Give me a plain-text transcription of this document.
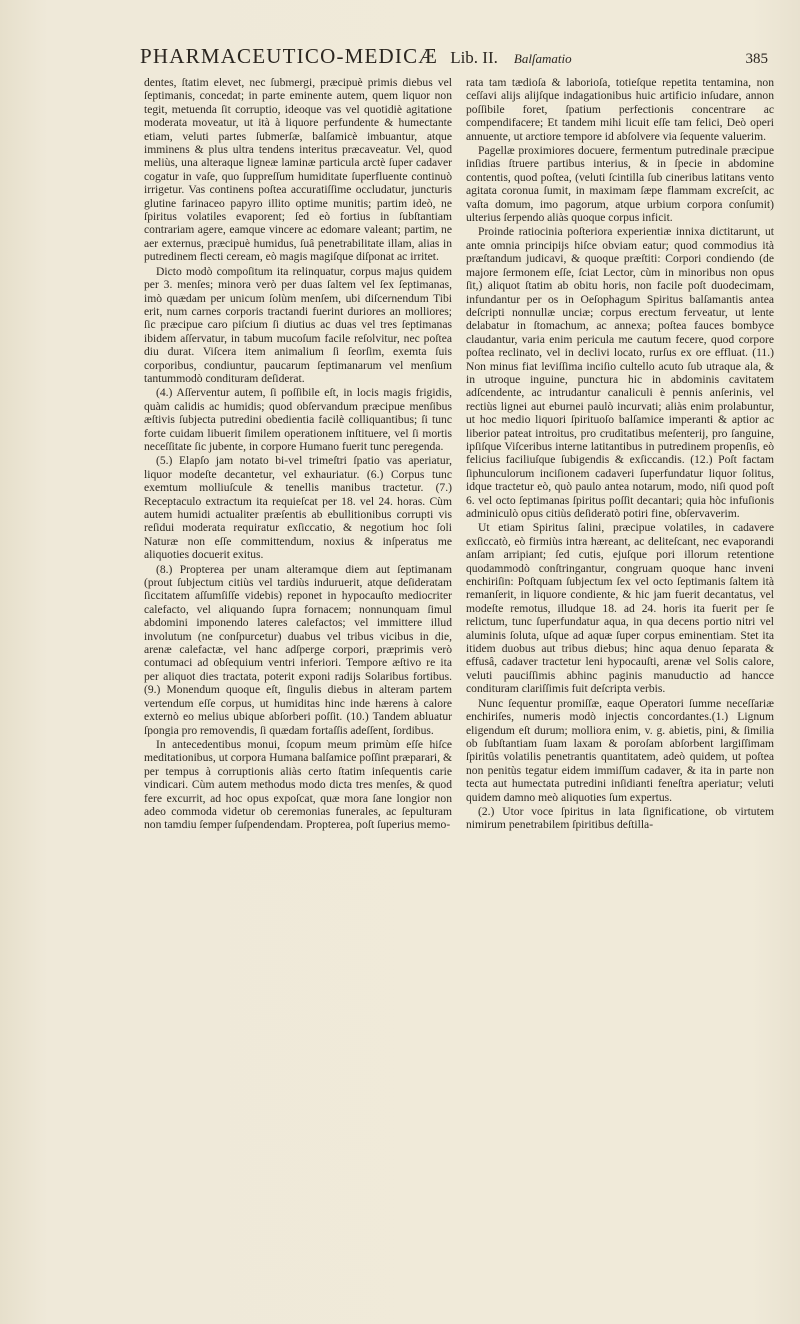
PHARMACEUTICO-MEDICÆ Lib. II. Balſamatio	385

dentes, ſtatim elevet, nec ſubmergi, præcipuè primis diebus vel ſeptimanis, concedat; in parte eminente autem, quem liquor non tegit, metuenda ſit corruptio, ideoque vas vel quotidiè agitatione moderata moveatur, ut ità à liquore perfundente & humectante etiam, veluti partes ſubmerſæ, balſamicè imbuantur, atque imminens & plus ultra tendens interitus præcaveatur. Vel, quod meliùs, una alteraque ligneæ laminæ particula arctè ſuper cadaver cogatur in vaſe, quo ſuppreſſum humiditate ſuperfluente continuò irrigetur. Vas continens poſtea accuratiſſime occludatur, juncturis glutine farinaceo papyro illito optime munitis; partim ideò, ne ſpiritus volatiles evaporent; ſed eò fortius in ſubſtantiam contrariam agere, eamque vincere ac edomare valeant; partim, ne aer externus, præcipuè humidus, ſuâ penetrabilitate illam, alias in putredinem flecti ceream, eò magis magiſque diſponat ac irritet.

Dicto modò compoſitum ita relinquatur, corpus majus quidem per 3. menſes; minora verò per duas ſaltem vel ſex ſeptimanas, imò quædam per unicum ſolùm menſem, ubi diſcernendum Tibi erit, num carnes corporis tractandi fuerint duriores an molliores; ſic præcipue caro piſcium ſi diutius ac duas vel tres ſeptimanas ibidem aſſervatur, in tabum mucoſum facile reſolvitur, nec poſtea diu durat. Viſcera item animalium ſi ſeorſim, exemta ſuis corporibus, condiuntur, paucarum ſeptimanarum vel menſium tantummodò condituram deſiderat.

(4.) Aſſerventur autem, ſi poſſibile eſt, in locis magis frigidis, quàm calidis ac humidis; quod obſervandum præcipue menſibus æſtivis ſubjecta putredini obedientia facilè colliquantibus; ſi tunc forte cuidam libuerit ſimilem operationem inſtituere, vel ſi mortis neceſſitate ſic jubente, in corpore Humano fuerit tunc peregenda.

(5.) Elapſo jam notato bi-vel trimeſtri ſpatio vas aperiatur, liquor modeſte decantetur, vel exhauriatur. (6.) Corpus tunc exemtum molliuſcule & tenellis manibus tractetur. (7.) Receptaculo extractum ita requieſcat per 18. vel 24. horas. Cùm autem humidi actualiter præſentis ab ebullitionibus corrupti vis reſidui moderata requiratur exſiccatio, & negotium hoc ſoli Naturæ non eſſe committendum, noxius & inſperatus me aliquoties docuerit exitus.

(8.) Propterea per unam alteramque diem aut ſeptimanam (prout ſubjectum citiùs vel tardiùs induruerit, atque deſideratam ſiccitatem aſſumſiſſe videbis) reponet in hypocauſto mediocriter calefacto, vel aliquando ſupra fornacem; nonnunquam ſimul abdomini imponendo lateres calefactos; vel immittere illud involutum (ne conſpurcetur) duabus vel tribus vicibus in die, arenæ calefactæ, vel hanc adſperge corpori, præprimis verò contumaci ad obſequium ventri inferiori. Tempore æſtivo re ita per aliquot dies tractata, poterit exponi radijs Solaribus fortibus. (9.) Monendum quoque eſt, ſingulis diebus in alteram partem vertendum eſſe corpus, ut humiditas hinc inde hærens à calore externò eo melius ubique abſorberi poſſit. (10.) Tandem abluatur ſpongia pro removendis, ſi quædam fortaſſis adeſſent, ſordibus.

In antecedentibus monui, ſcopum meum primùm eſſe hiſce meditationibus, ut corpora Humana balſamice poſſint præparari, & per tempus à corruptionis aliàs certo ſtatim inſequentis carie vindicari. Cùm autem methodus modo dicta tres menſes, & quod fere excurrit, ad hoc opus expoſcat, quæ mora ſane longior non adeo commoda videtur ob ceremonias funerales, ac ſepulturam non tamdiu ſemper ſuſpendendam. Propterea, poſt ſuperius memo-

rata tam tædioſa & laborioſa, totieſque repetita tentamina, non ceſſavi alijs alijſque indagationibus huic artificio inſudare, annon poſſibile foret, ſpatium perfectionis concentrare ac compendifacere; Et tandem mihi licuit eſſe tam felici, Deò operi annuente, ut arctiore tempore id abſolvere via ſequente valuerim.

Pagellæ proximiores docuere, fermentum putredinale præcipue inſidias ſtruere partibus interius, & in ſpecie in abdomine contentis, quod poſtea, (veluti ſcintilla ſub cineribus latitans vento agitata coronua ſumit, in maximam ſæpe flammam excreſcit, ac vaſta domum, imo pagorum, atque urbium corpora conſumit) ulterius ſerpendo aliàs quoque corpus inficit.

Proinde ratiocinia poſteriora experientiæ innixa dictitarunt, ut ante omnia principijs hiſce obviam eatur; quod commodius ità præſtandum judicavi, & quoque præſtiti: Corpori condiendo (de majore ſermonem eſſe, ſciat Lector, cùm in minoribus non opus ſit,) aliquot ſtatim ab obitu horis, non facile poſt duodecimam, infundantur per os in Oeſophagum Spiritus balſamantis antea deſcripti nonnullæ unciæ; corpus erectum ferveatur, ut lente delabatur in ſtomachum, ac annexa; poſtea fauces bombyce claudantur, varia enim pericula me cautum fecere, quod corpore poſtea reclinato, vel in declivi locato, rurſus ex ore effluat. (11.) Non minus fiat leviſſima inciſio cultello acuto ſub utraque ala, & in utroque inguine, punctura hic in abdominis cavitatem adſcendente, ac intrudantur canaliculi è pennis anſerinis, vel rectiùs lignei aut eburnei paulò incurvati; aliàs enim prolabuntur, ut hoc medio liquori ſpirituoſo balſamice imperanti & aptior ac liberior pateat introitus, pro crudìtatibus meſenterij, pro ſanguine, ipſiſque Viſceribus interne latitantibus in putredinem propenſis, eò felicius faciliuſque ſubigendis & exſiccandis. (12.) Poſt factam ſiphunculorum inciſionem cadaveri ſuperfundatur liquor ſolitus, idque tractetur eò, quò paulo antea notarum, modo, niſi quod poſt 6. vel octo ſeptimanas ſpiritus poſſit decantari; quia hòc infuſionis adminiculò opus citiùs deſideratò potiri fine, obſervaverim.

Ut etiam Spiritus ſalini, præcipue volatiles, in cadavere exſiccatò, eò firmiùs intra hæreant, ac deliteſcant, nec evaporandi anſam arripiant; ſed cutis, ejuſque pori illorum retentione quodammodò conſtringantur, congruam quoque hanc inveni enchiriſin: Poſtquam ſubjectum ſex vel octo ſeptimanis ſaltem ità remanſerit, in liquore condiente, & hic jam fuerit decantatus, vel modeſte remotus, illudque 18. ad 24. horis ita fuerit per ſe relictum, tunc ſuperfundatur aqua, in qua decens portio nitri vel aluminis ſoluta, uſque ad aquæ ſuper corpus eminentiam. Stet ita itidem duobus aut tribus diebus; hinc aqua denuo ſeparata & effusâ, cadaver tractetur leni hypocauſti, arenæ vel Solis calore, veluti pauciſſimis abhinc paginis manuductio ad hancce condituram clariſſimis fuit deſcripta verbis.

Nunc ſequentur promiſſæ, eaque Operatori ſumme neceſſariæ enchiriſes, numeris modò injectis concordantes.(1.) Lignum eligendum eſt durum; molliora enim, v. g. abietis, pini, & ſimilia ob ſubſtantiam ſuam laxam & poroſam abſorbent largiſſimam ſpiritûs volatilis penetrantis quantitatem, adeò quidem, ut poſtea non penitùs tegatur eidem immiſſum cadaver, & ita in parte non tecta aut humectata putredini inſidianti feneſtra aperiatur; veluti quidem damno meò aliquoties ſum expertus.

(2.) Utor voce ſpiritus in lata ſignificatione, ob virtutem nimirum penetrabilem ſpiritibus deſtilla-
